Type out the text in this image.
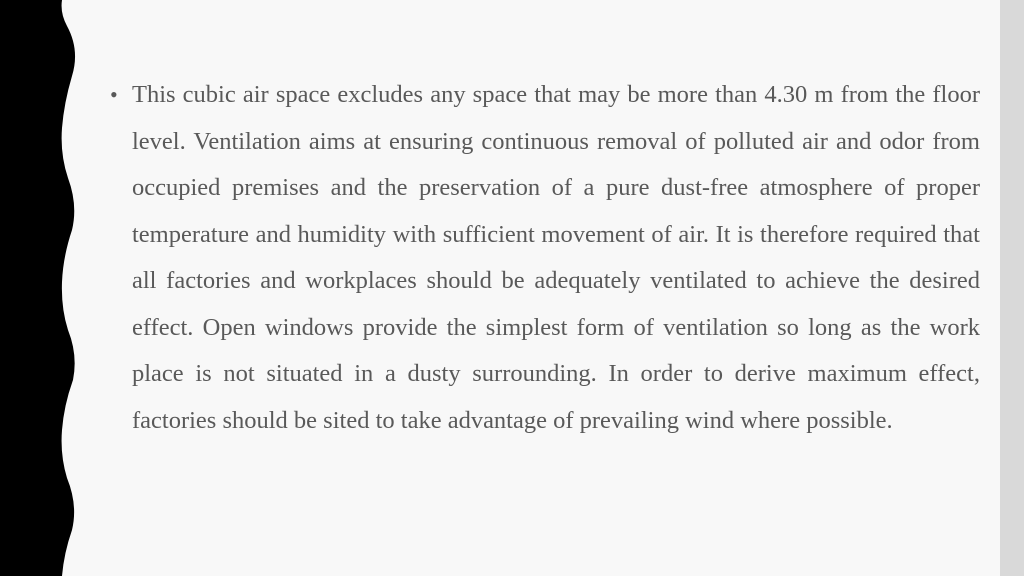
• This cubic air space excludes any space that may be more than 4.30 m from the floor level. Ventilation aims at ensuring continuous removal of polluted air and odor from occupied premises and the preservation of a pure dust-free atmosphere of proper temperature and humidity with sufficient movement of air. It is therefore required that all factories and workplaces should be adequately ventilated to achieve the desired effect. Open windows provide the simplest form of ventilation so long as the work place is not situated in a dusty surrounding. In order to derive maximum effect, factories should be sited to take advantage of prevailing wind where possible.
